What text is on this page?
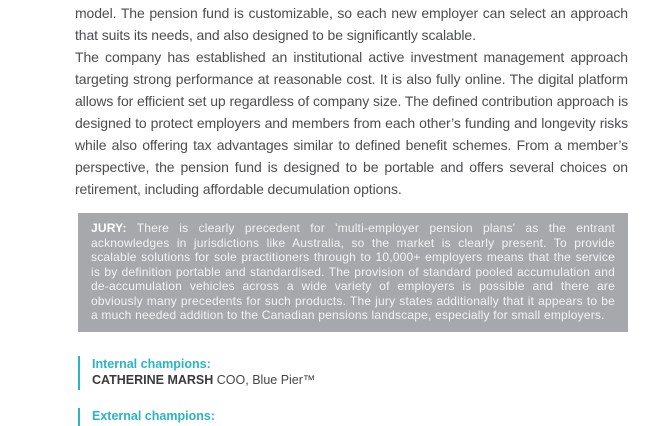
model. The pension fund is customizable, so each new employer can select an approach that suits its needs, and also designed to be significantly scalable.

The company has established an institutional active investment management approach targeting strong performance at reasonable cost. It is also fully online. The digital platform allows for efficient set up regardless of company size. The defined contribution approach is designed to protect employers and members from each other’s funding and longevity risks while also offering tax advantages similar to defined benefit schemes. From a member’s perspective, the pension fund is designed to be portable and offers several choices on retirement, including affordable decumulation options.

JURY: There is clearly precedent for 'multi-employer pension plans' as the entrant acknowledges in jurisdictions like Australia, so the market is clearly present. To provide scalable solutions for sole practitioners through to 10,000+ employers means that the service is by definition portable and standardised. The provision of standard pooled accumulation and de-accumulation vehicles across a wide variety of employers is possible and there are obviously many precedents for such products. The jury states additionally that it appears to be a much needed addition to the Canadian pensions landscape, especially for small employers.

Internal champions:
CATHERINE MARSH COO, Blue Pier™
External champions:
